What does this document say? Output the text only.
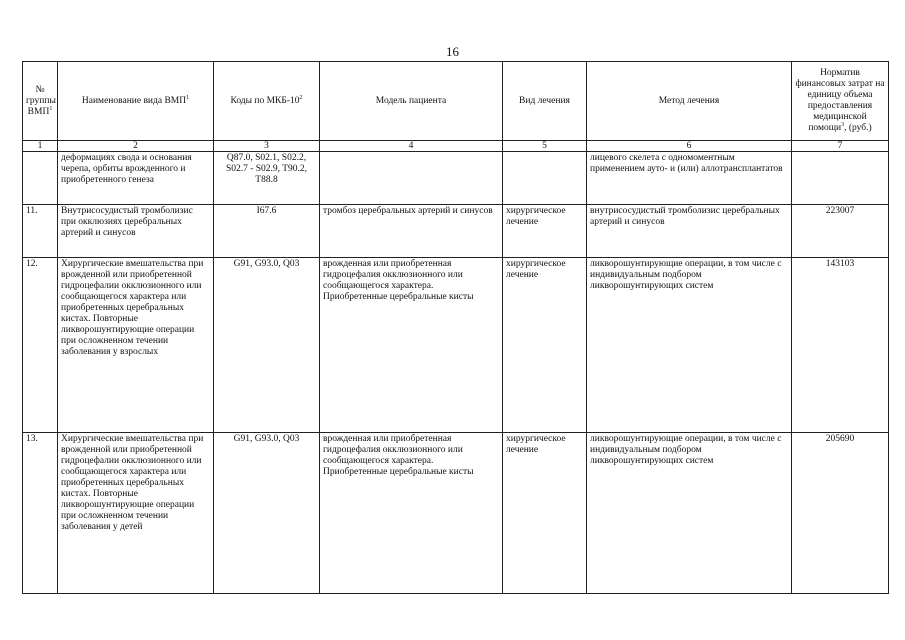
16
№ группы ВМП$^1$	Наименование вида ВМП$^1$	Коды по МКБ-$10^2$	Модель пациента	Вид лечения	Метод лечения	Норматив финансовых затрат на единицу объема предоставления медицинской помощи$^3$, (руб.)
1	2	3	4	5	6	7
	деформациях свода и основания черепа, орбиты врожденного и приобретенного генеза	Q87.0, S02.1, S02.2, S02.7 - S02.9, T90.2, T88.8			лицевого скелета с одномоментным применением ауто- и (или) аллотрансплантатов	
11.	Внутрисосудистый тромболизис при окклюзиях церебральных артерий и синусов	I67.6	тромбоз церебральных артерий и синусов	хирургическое лечение	внутрисосудистый тромболизис церебральных артерий и синусов	223007
12.	Хирургические вмешательства при врожденной или приобретенной гидроцефалии окклюзионного или сообщающегося характера или приобретенных церебральных кистах. Повторные ликворошунтирующие операции при осложненном течении заболевания у взрослых	G91, G93.0, Q03	врожденная или приобретенная гидроцефалия окклюзионного или сообщающегося характера. Приобретенные церебральные кисты	хирургическое лечение	ликворошунтирующие операции, в том числе с индивидуальным подбором ликворошунтирующих систем	143103
13.	Хирургические вмешательства при врожденной или приобретенной гидроцефалии окклюзионного или сообщающегося характера или приобретенных церебральных кистах. Повторные ликворошунтирующие операции при осложненном течении заболевания у детей	G91, G93.0, Q03	врожденная или приобретенная гидроцефалия окклюзионного или сообщающегося характера. Приобретенные церебральные кисты	хирургическое лечение	ликворошунтирующие операции, в том числе с индивидуальным подбором ликворошунтирующих систем	205690
